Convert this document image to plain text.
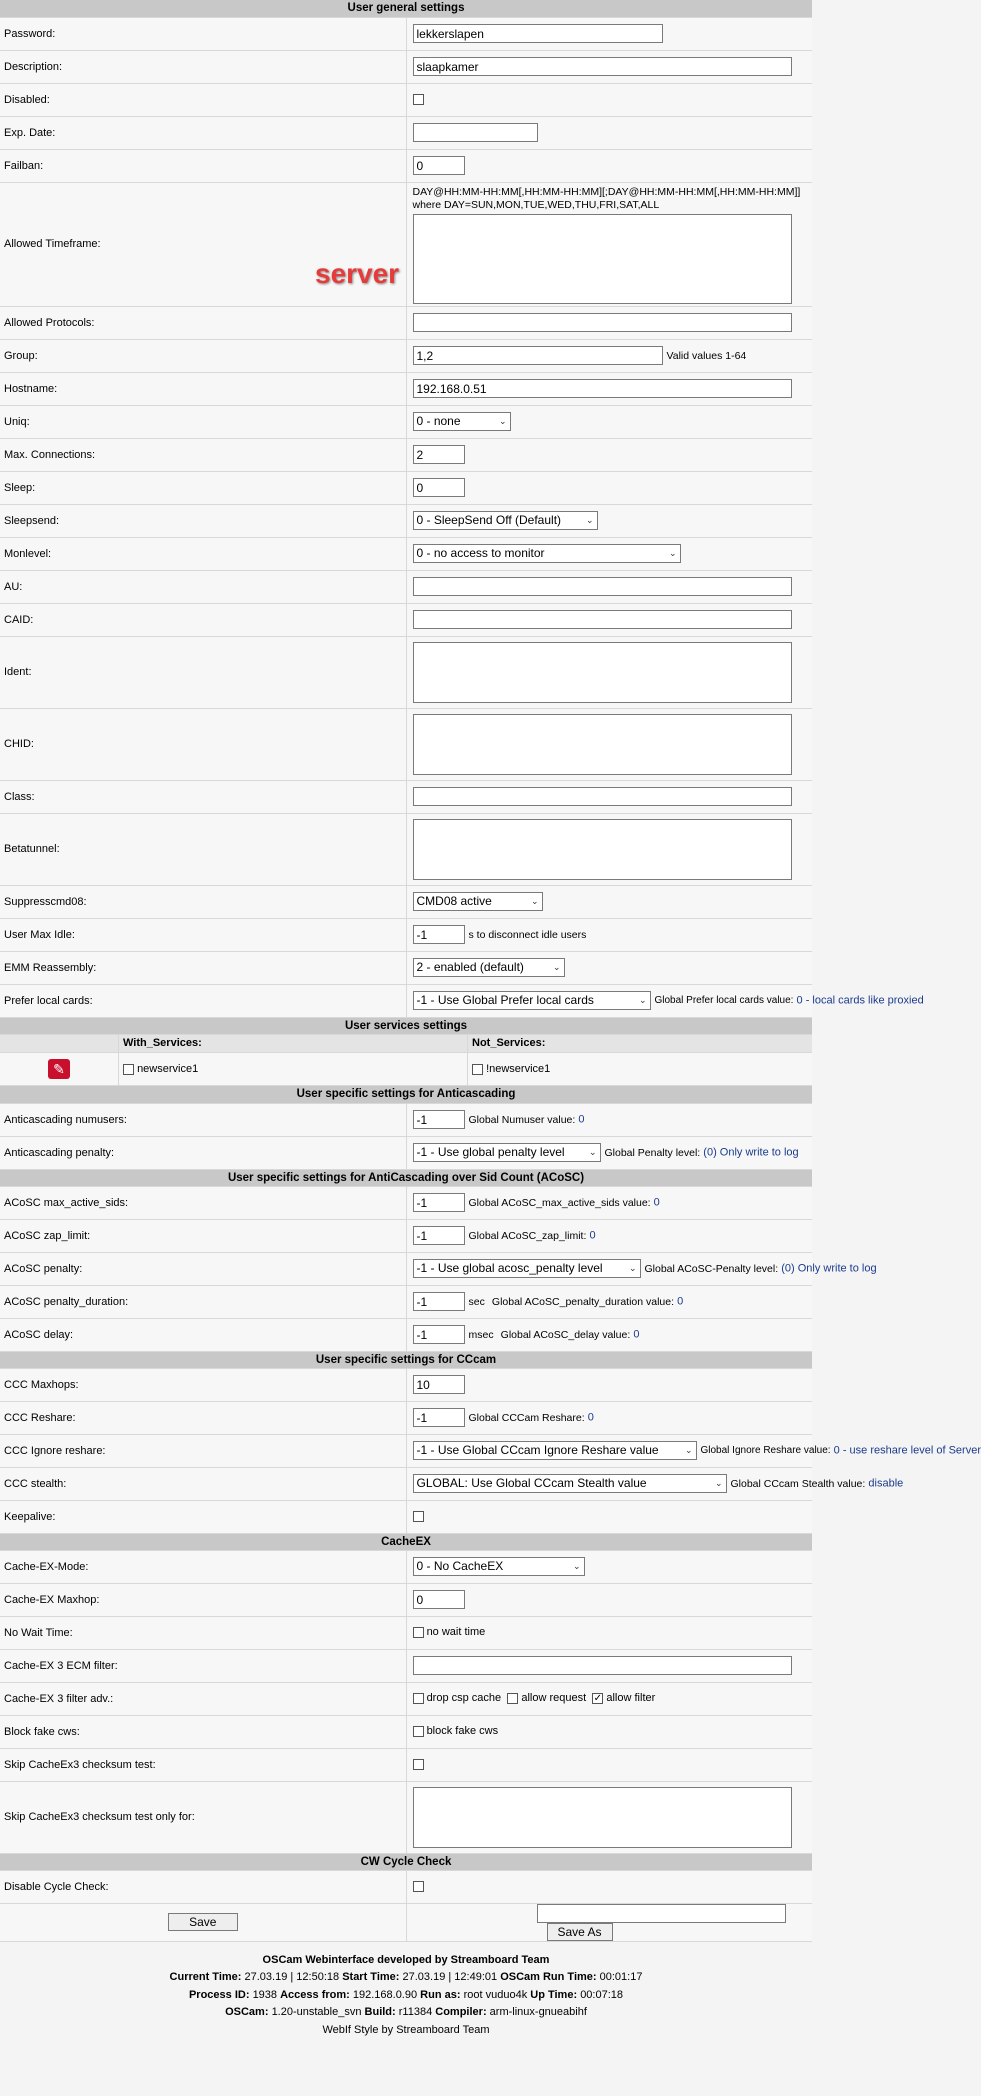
User general settings	
Password:	lekkerslapen
Description:	slaapkamer
Disabled:	
Exp. Date:	
Failban:	0
Allowed Timeframe:	DAY@HH:MM-HH:MM[,HH:MM-HH:MM][;DAY@HH:MM-HH:MM[,HH:MM-HH:MM]]
where DAY=SUN,MON,TUE,WED,THU,FRI,SAT,ALL

Allowed Protocols:	
Group:	1,2Valid values 1-64
Hostname:	192.168.0.51
Uniq:	0 - none ⌄

Max. Connections:	2
Sleep:	0
Sleepsend:	0 - SleepSend Off (Default) ⌄

Monlevel:	0 - no access to monitor ⌄

AU:	
CAID:	
Ident:	

CHID:	

Class:	
Betatunnel:	

Suppresscmd08:	CMD08 active ⌄

User Max Idle:	-1s to disconnect idle users
EMM Reassembly:	2 - enabled (default) ⌄

Prefer local cards:	-1 - Use Global Prefer local cards ⌄ Global Prefer local cards value: 0 - local cards like proxied
User services settings	
	With_Services:	Not_Services:
✎	newservice1	!newservice1
User specific settings for Anticascading	
Anticascading numusers:	-1Global Numuser value: 0
Anticascading penalty:	-1 - Use global penalty level ⌄ Global Penalty level: (0) Only write to log
User specific settings for AntiCascading over Sid Count (ACoSC)	
ACoSC max_active_sids:	-1Global ACoSC_max_active_sids value: 0
ACoSC zap_limit:	-1Global ACoSC_zap_limit: 0
ACoSC penalty:	-1 - Use global acosc_penalty level ⌄ Global ACoSC-Penalty level: (0) Only write to log
ACoSC penalty_duration:	-1sec Global ACoSC_penalty_duration value: 0
ACoSC delay:	-1msec Global ACoSC_delay value: 0
User specific settings for CCcam	
CCC Maxhops:	10
CCC Reshare:	-1Global CCCam Reshare: 0
CCC Ignore reshare:	-1 - Use Global CCcam Ignore Reshare value ⌄ Global Ignore Reshare value: 0 - use reshare level of Server
CCC stealth:	GLOBAL: Use Global CCcam Stealth value ⌄ Global CCcam Stealth value: disable
Keepalive:	
CacheEX	
Cache-EX-Mode:	0 - No CacheEX ⌄

Cache-EX Maxhop:	0
No Wait Time:	no wait time
Cache-EX 3 ECM filter:	
Cache-EX 3 filter adv.:	drop csp cache allow request ✓ allow filter
Block fake cws:	block fake cws
Skip CacheEx3 checksum test:	
Skip CacheEx3 checksum test only for:	

CW Cycle Check	
Disable Cycle Check:	
Save	Save As
OSCam Webinterface developed by Streamboard Team
Current Time: 27.03.19 | 12:50:18 Start Time: 27.03.19 | 12:49:01 OSCam Run Time: 00:01:17
Process ID: 1938 Access from: 192.168.0.90 Run as: root vuduo4k Up Time: 00:07:18
OSCam: 1.20-unstable_svn Build: r11384 Compiler: arm-linux-gnueabihf
WebIf Style by Streamboard Team
server
